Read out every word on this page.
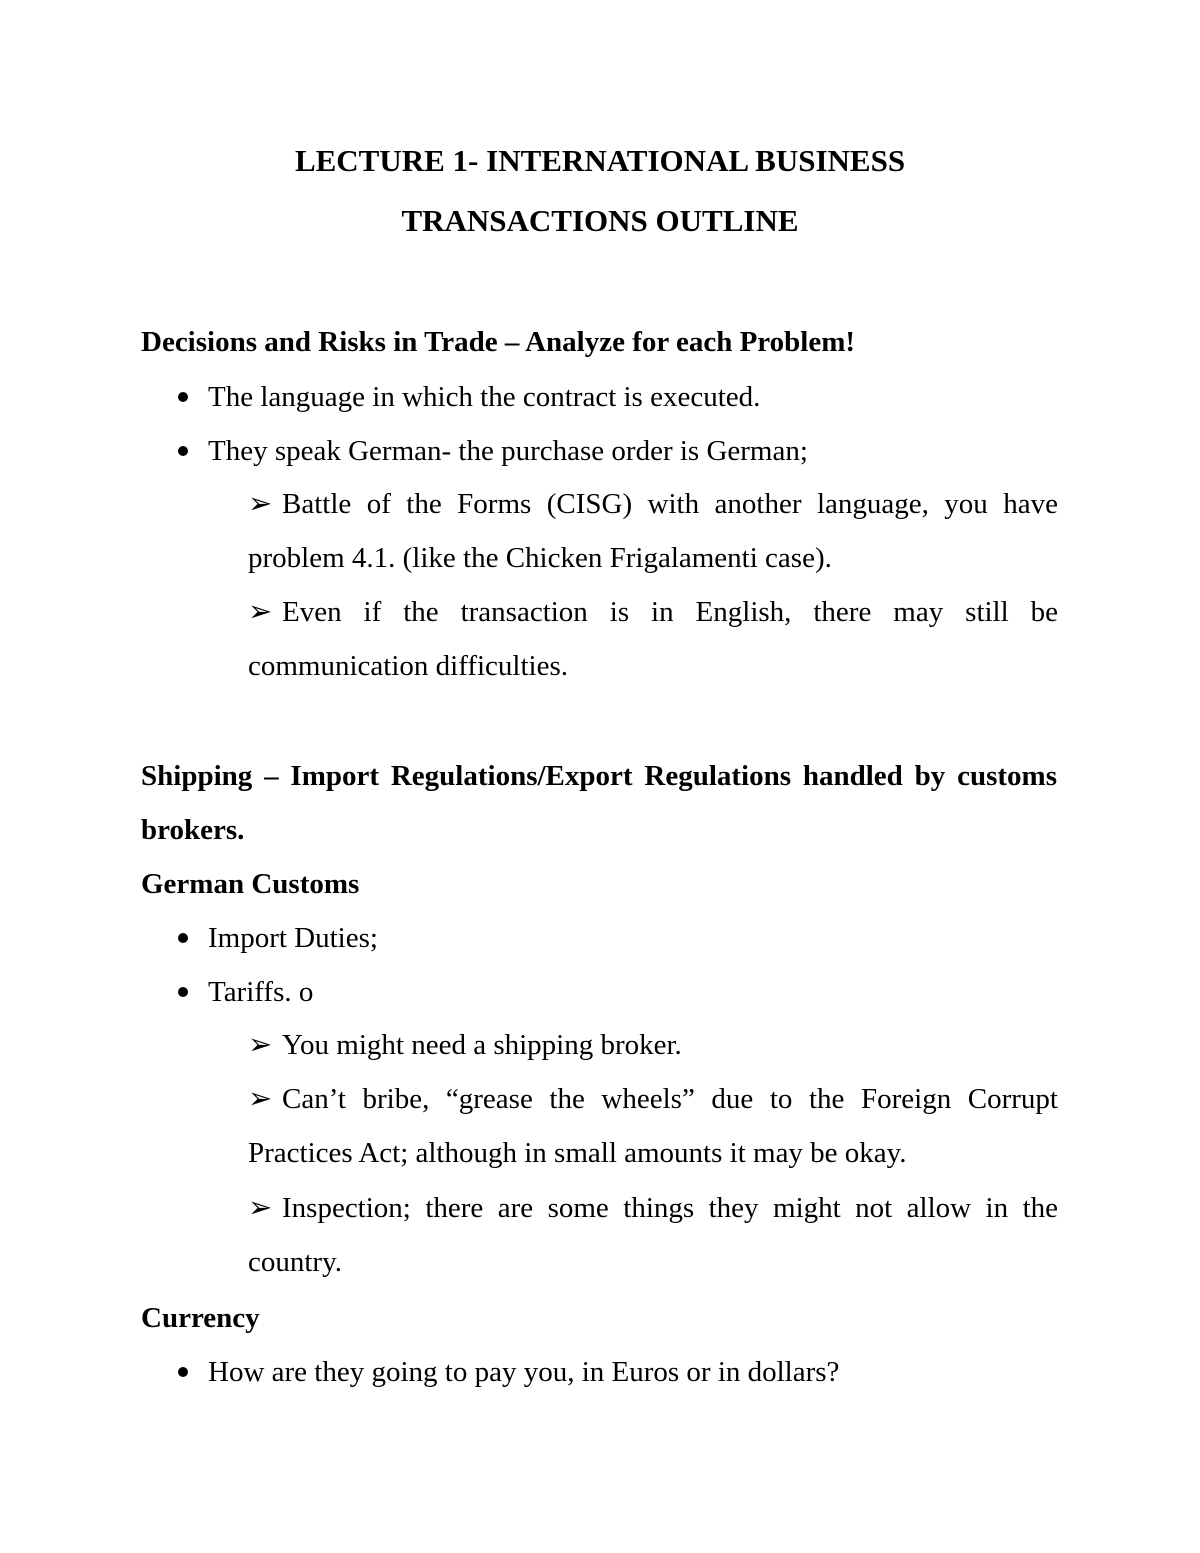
LECTURE 1- INTERNATIONAL BUSINESS
TRANSACTIONS OUTLINE
Decisions and Risks in Trade – Analyze for each Problem!
The language in which the contract is executed.
They speak German- the purchase order is German;
➢ Battle of the Forms (CISG) with another language, you have problem 4.1. (like the Chicken Frigalamenti case).
➢ Even if the transaction is in English, there may still be communication difficulties.
Shipping – Import Regulations/Export Regulations handled by customs brokers.
German Customs
Import Duties;
Tariffs. o
➢ You might need a shipping broker.
➢ Can’t bribe, “grease the wheels” due to the Foreign Corrupt Practices Act; although in small amounts it may be okay.
➢ Inspection; there are some things they might not allow in the country.
Currency
How are they going to pay you, in Euros or in dollars?
